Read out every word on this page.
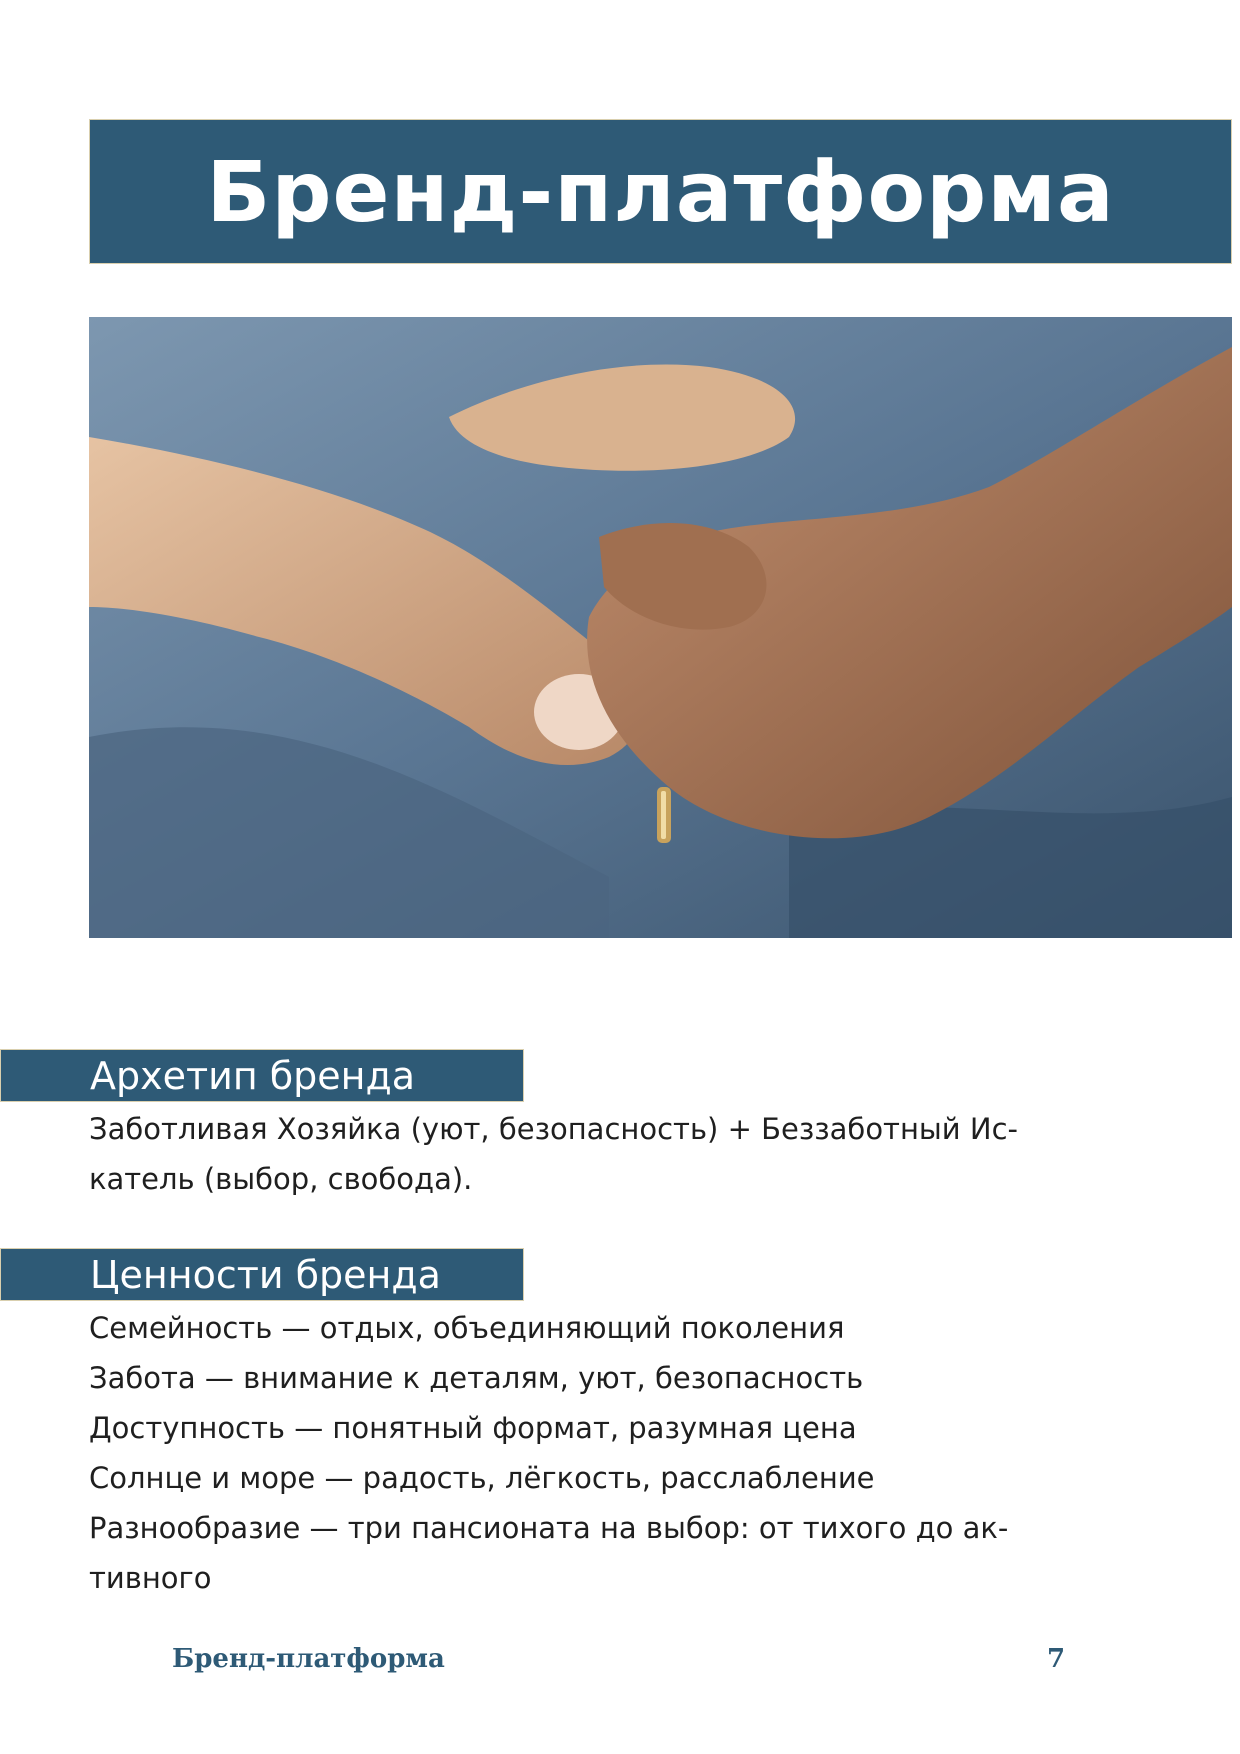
Бренд-платформа
Архетип бренда
Заботливая Хозяйка (уют, безопасность) + Беззаботный Ис-
катель (выбор, свобода).
Ценности бренда
Семейность — отдых, объединяющий поколения
Забота — внимание к деталям, уют, безопасность
Доступность — понятный формат, разумная цена
Солнце и море — радость, лёгкость, расслабление
Разнообразие — три пансионата на выбор: от тихого до ак-
тивного
Бренд-платформа	7
